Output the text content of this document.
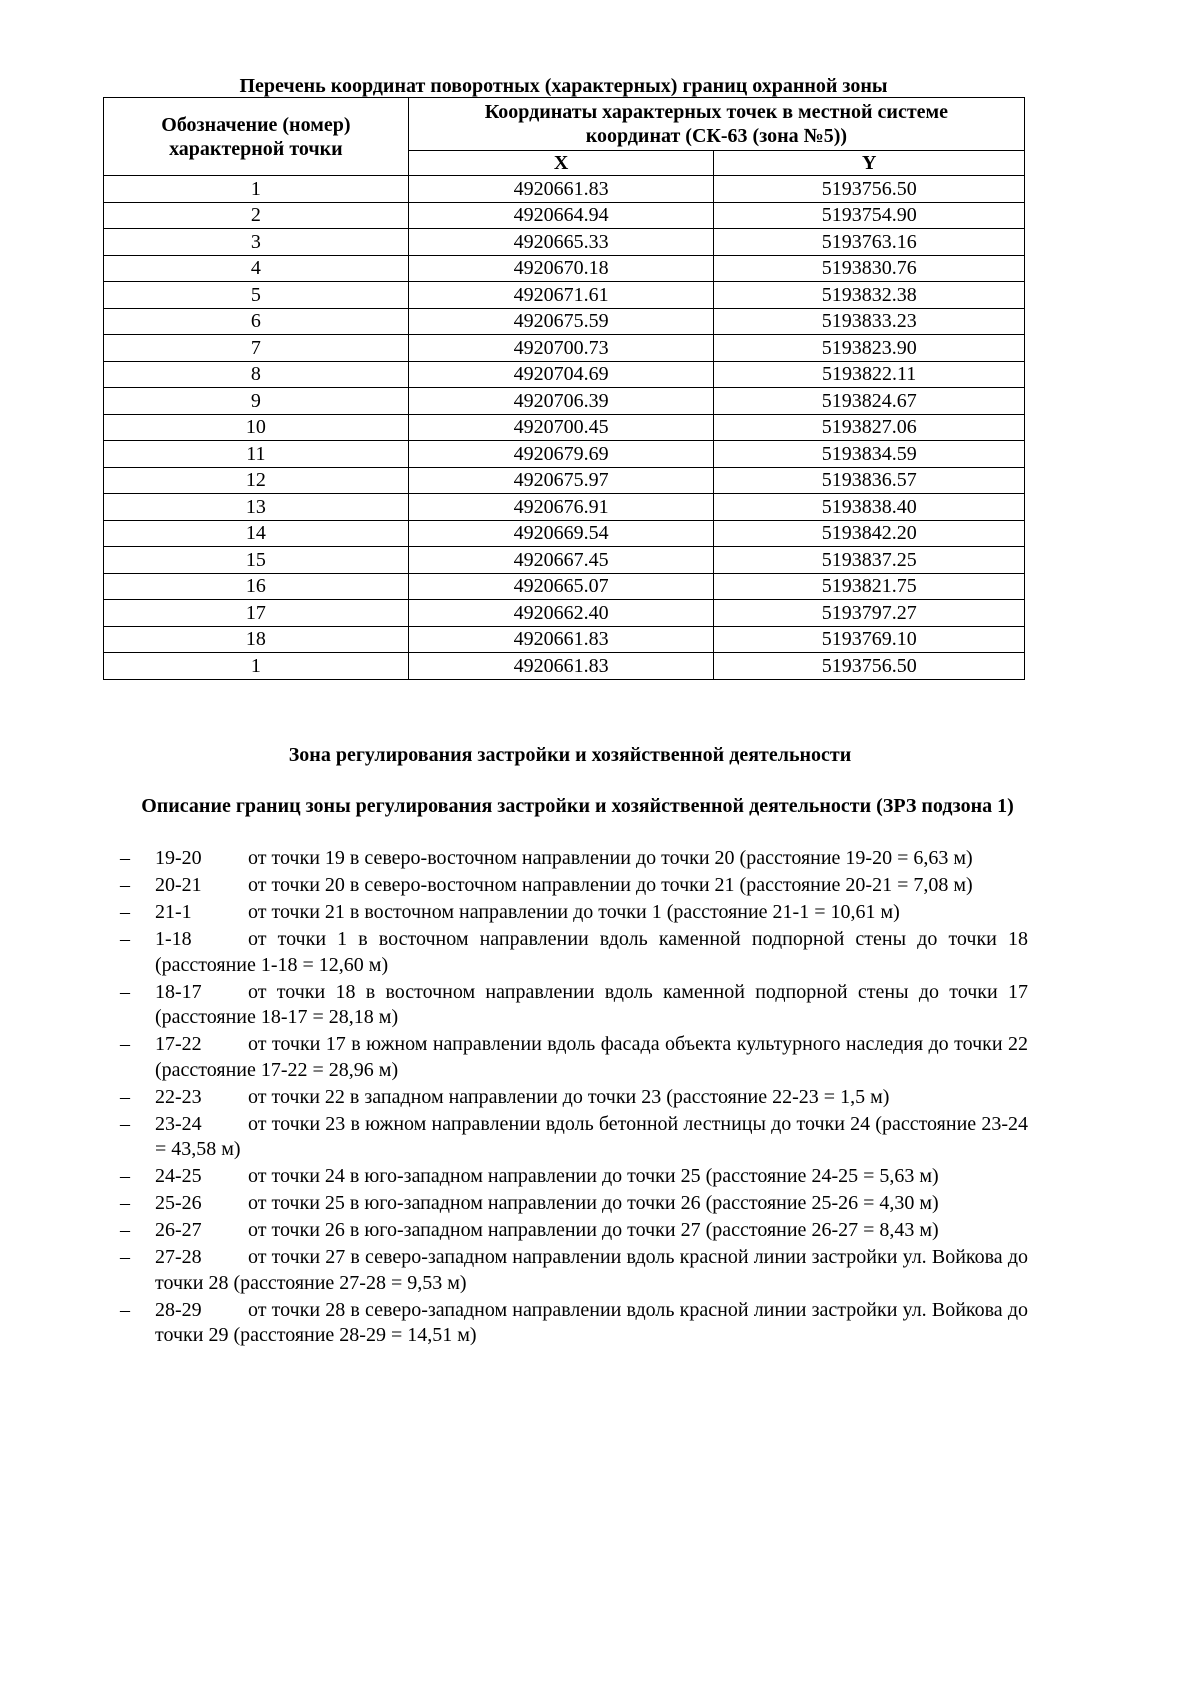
Перечень координат поворотных (характерных) границ охранной зоны
Обозначение (номер) характерной точки	Координаты характерных точек в местной системе координат (СК-63 (зона №5))	
	X	Y
1	4920661.83	5193756.50
2	4920664.94	5193754.90
3	4920665.33	5193763.16
4	4920670.18	5193830.76
5	4920671.61	5193832.38
6	4920675.59	5193833.23
7	4920700.73	5193823.90
8	4920704.69	5193822.11
9	4920706.39	5193824.67
10	4920700.45	5193827.06
11	4920679.69	5193834.59
12	4920675.97	5193836.57
13	4920676.91	5193838.40
14	4920669.54	5193842.20
15	4920667.45	5193837.25
16	4920665.07	5193821.75
17	4920662.40	5193797.27
18	4920661.83	5193769.10
1	4920661.83	5193756.50
Зона регулирования застройки и хозяйственной деятельности
Описание границ зоны регулирования застройки и хозяйственной деятельности (ЗРЗ подзона 1)
– 19-20 от точки 19 в северо-восточном направлении до точки 20 (расстояние 19-20 = 6,63 м)
– 20-21 от точки 20 в северо-восточном направлении до точки 21 (расстояние 20-21 = 7,08 м)
– 21-1	от точки 21 в восточном направлении до точки 1 (расстояние 21-1 = 10,61 м)
– 1-18	от точки 1 в восточном направлении вдоль каменной подпорной стены до точки 18 (расстояние 1-18 = 12,60 м)
– 18-17 от точки 18 в восточном направлении вдоль каменной подпорной стены до точки 17 (расстояние 18-17 = 28,18 м)
– 17-22 от точки 17 в южном направлении вдоль фасада объекта культурного наследия до точки 22 (расстояние 17-22 = 28,96 м)
– 22-23 от точки 22 в западном направлении до точки 23 (расстояние 22-23 = 1,5 м)
– 23-24 от точки 23 в южном направлении вдоль бетонной лестницы до точки 24 (расстояние 23-24 = 43,58 м)
– 24-25 от точки 24 в юго-западном направлении до точки 25 (расстояние 24-25 = 5,63 м)
– 25-26 от точки 25 в юго-западном направлении до точки 26 (расстояние 25-26 = 4,30 м)
– 26-27 от точки 26 в юго-западном направлении до точки 27 (расстояние 26-27 = 8,43 м)
– 27-28 от точки 27 в северо-западном направлении вдоль красной линии застройки ул. Войкова до точки 28 (расстояние 27-28 = 9,53 м)
– 28-29 от точки 28 в северо-западном направлении вдоль красной линии застройки ул. Войкова до точки 29 (расстояние 28-29 = 14,51 м)
